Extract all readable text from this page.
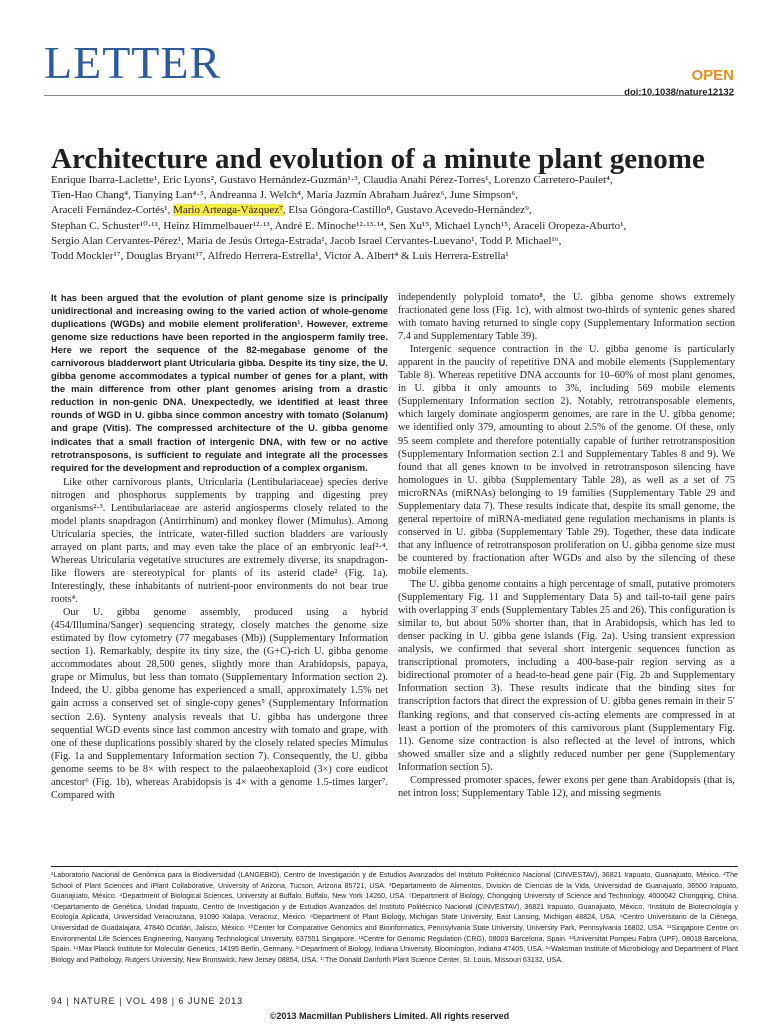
LETTER	OPEN
doi:10.1038/nature12132
Architecture and evolution of a minute plant genome
Enrique Ibarra-Laclette¹, Eric Lyons², Gustavo Hernández-Guzmán¹·³, Claudia Anahí Pérez-Torres¹, Lorenzo Carretero-Paulet⁴,
Tien-Hao Chang⁴, Tianying Lan⁴·⁵, Andreanna J. Welch⁴, María Jazmín Abraham Juárez⁶, June Simpson⁶,
Araceli Fernández-Cortés¹, Mario Arteaga-Vázquez⁷, Elsa Góngora-Castillo⁸, Gustavo Acevedo-Hernández⁹,
Stephan C. Schuster¹⁰·¹¹, Heinz Himmelbauer¹²·¹³, André E. Minoche¹²·¹³·¹⁴, Sen Xu¹⁵, Michael Lynch¹⁵, Araceli Oropeza-Aburto¹,
Sergio Alan Cervantes-Pérez¹, María de Jesús Ortega-Estrada¹, Jacob Israel Cervantes-Luevano¹, Todd P. Michael¹⁶,
Todd Mockler¹⁷, Douglas Bryant¹⁷, Alfredo Herrera-Estrella¹, Victor A. Albert⁴ & Luis Herrera-Estrella¹

It has been argued that the evolution of plant genome size is principally unidirectional and increasing owing to the varied action of whole-genome duplications (WGDs) and mobile element proliferation¹. However, extreme genome size reductions have been reported in the angiosperm family tree. Here we report the sequence of the 82-megabase genome of the carnivorous bladderwort plant Utricularia gibba. Despite its tiny size, the U. gibba genome accommodates a typical number of genes for a plant, with the main difference from other plant genomes arising from a drastic reduction in non-genic DNA. Unexpectedly, we identified at least three rounds of WGD in U. gibba since common ancestry with tomato (Solanum) and grape (Vitis). The compressed architecture of the U. gibba genome indicates that a small fraction of intergenic DNA, with few or no active retrotransposons, is sufficient to regulate and integrate all the processes required for the development and reproduction of a complex organism.

Like other carnivorous plants, Utricularia (Lentibulariaceae) species derive nitrogen and phosphorus supplements by trapping and digesting prey organisms²·³. Lentibulariaceae are asterid angiosperms closely related to the model plants snapdragon (Antirrhinum) and monkey flower (Mimulus). Among Utricularia species, the intricate, water-filled suction bladders are variously arrayed on plant parts, and may even take the place of an embryonic leaf²·⁴. Whereas Utricularia vegetative structures are extremely diverse, its snapdragon-like flowers are stereotypical for plants of its asterid clade² (Fig. 1a). Interestingly, these inhabitants of nutrient-poor environments do not bear true roots⁴.

Our U. gibba genome assembly, produced using a hybrid (454/Illumina/Sanger) sequencing strategy, closely matches the genome size estimated by flow cytometry (77 megabases (Mb)) (Supplementary Information section 1). Remarkably, despite its tiny size, the (G+C)-rich U. gibba genome accommodates about 28,500 genes, slightly more than Arabidopsis, papaya, grape or Mimulus, but less than tomato (Supplementary Information section 2). Indeed, the U. gibba genome has experienced a small, approximately 1.5% net gain across a conserved set of single-copy genes⁵ (Supplementary Information section 2.6). Synteny analysis reveals that U. gibba has undergone three sequential WGD events since last common ancestry with tomato and grape, with one of these duplications possibly shared by the closely related species Mimulus (Fig. 1a and Supplementary Information section 7). Consequently, the U. gibba genome seems to be 8× with respect to the palaeohexaploid (3×) core eudicot ancestor⁶ (Fig. 1b), whereas Arabidopsis is 4× with a genome 1.5-times larger⁷. Compared with

independently polyploid tomato⁸, the U. gibba genome shows extremely fractionated gene loss (Fig. 1c), with almost two-thirds of syntenic genes shared with tomato having returned to single copy (Supplementary Information section 7.4 and Supplementary Table 39).

Intergenic sequence contraction in the U. gibba genome is particularly apparent in the paucity of repetitive DNA and mobile elements (Supplementary Table 8). Whereas repetitive DNA accounts for 10–60% of most plant genomes, in U. gibba it only amounts to 3%, including 569 mobile elements (Supplementary Information section 2). Notably, retrotransposable elements, which largely dominate angiosperm genomes, are rare in the U. gibba genome; we identified only 379, amounting to about 2.5% of the genome. Of these, only 95 seem complete and therefore potentially capable of further retrotransposition (Supplementary Information section 2.1 and Supplementary Tables 8 and 9). We found that all genes known to be involved in retrotransposon silencing have homologues in U. gibba (Supplementary Table 28), as well as a set of 75 microRNAs (miRNAs) belonging to 19 families (Supplementary Table 29 and Supplementary data 7). These results indicate that, despite its small genome, the general repertoire of miRNA-mediated gene regulation mechanisms in plants is conserved in U. gibba (Supplementary Table 29). Together, these data indicate that any influence of retrotransposon proliferation on U. gibba genome size must be countered by fractionation after WGDs and also by the silencing of these mobile elements.

The U. gibba genome contains a high percentage of small, putative promoters (Supplementary Fig. 11 and Supplementary Data 5) and tail-to-tail gene pairs with overlapping 3′ ends (Supplementary Tables 25 and 26). This configuration is similar to, but about 50% shorter than, that in Arabidopsis, which has led to denser packing in U. gibba gene islands (Fig. 2a). Using transient expression analysis, we confirmed that several short intergenic sequences function as transcriptional promoters, including a 400-base-pair region serving as a bidirectional promoter of a head-to-head gene pair (Fig. 2b and Supplementary Information section 3). These results indicate that the binding sites for transcription factors that direct the expression of U. gibba genes remain in their 5′ flanking regions, and that conserved cis-acting elements are compressed in at least a portion of the promoters of this carnivorous plant (Supplementary Fig. 11). Genome size contraction is also reflected at the level of introns, which showed smaller size and a slightly reduced number per gene (Supplementary Information section 5).

Compressed promoter spaces, fewer exons per gene than Arabidopsis (that is, net intron loss; Supplementary Table 12), and missing segments

¹Laboratorio Nacional de Genómica para la Biodiversidad (LANGEBIO), Centro de Investigación y de Estudios Avanzados del Instituto Politécnico Nacional (CINVESTAV), 36821 Irapuato, Guanajuato, México. ²The School of Plant Sciences and iPlant Collaborative, University of Arizona, Tucson, Arizona 85721, USA. ³Departamento de Alimentos, División de Ciencias de la Vida, Universidad de Guanajuato, 36500 Irapuato, Guanajuato, México. ⁴Department of Biological Sciences, University at Buffalo, Buffalo, New York 14260, USA. ⁵Department of Biology, Chongqing University of Science and Technology, 4000042 Chongqing, China. ⁶Departamento de Genética, Unidad Irapuato, Centro de Investigación y de Estudios Avanzados del Instituto Politécnico Nacional (CINVESTAV), 36821 Irapuato, Guanajuato, México. ⁷Instituto de Biotecnología y Ecología Aplicada, Universidad Veracruzana, 91090 Xalapa, Veracruz, México. ⁸Department of Plant Biology, Michigan State University, East Lansing, Michigan 48824, USA. ⁹Centro Universitario de la Ciénega, Universidad de Guadalajara, 47840 Ocotlán, Jalisco, México. ¹⁰Center for Comparative Genomics and Bioinformatics, Pennsylvania State University, University Park, Pennsylvania 16802, USA. ¹¹Singapore Centre on Environmental Life Sciences Engineering, Nanyang Technological University, 637551 Singapore. ¹²Centre for Genomic Regulation (CRG), 08003 Barcelona, Spain. ¹³Universitat Pompeu Fabra (UPF), 08018 Barcelona, Spain. ¹⁴Max Planck Institute for Molecular Genetics, 14195 Berlin, Germany. ¹⁵Department of Biology, Indiana University, Bloomington, Indiana 47405, USA. ¹⁶Waksman Institute of Microbiology and Department of Plant Biology and Pathology, Rutgers University, New Brunswick, New Jersey 08854, USA. ¹⁷The Donald Danforth Plant Science Center, St. Louis, Missouri 63132, USA.
94 | NATURE | VOL 498 | 6 JUNE 2013
©2013 Macmillan Publishers Limited. All rights reserved
